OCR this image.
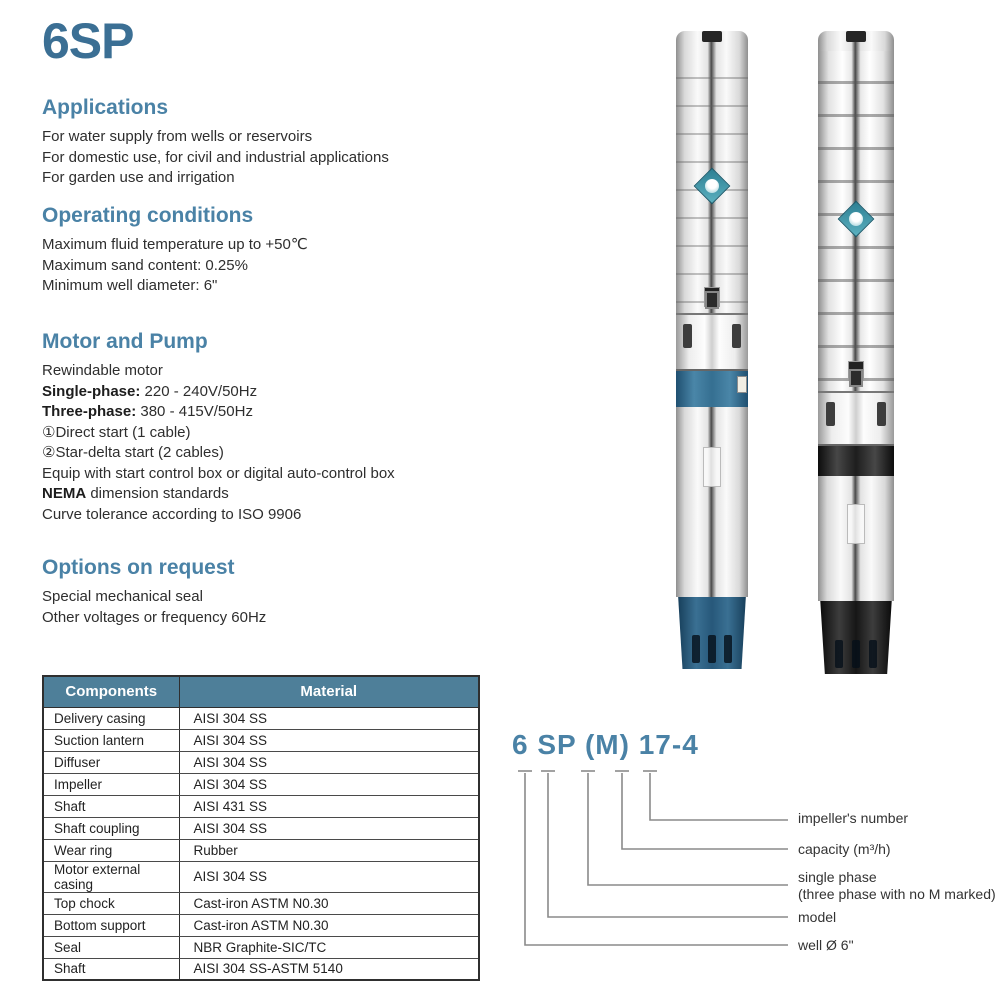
6SP
Applications
For water supply from wells or reservoirs
For domestic use, for civil and industrial applications
For garden use and irrigation
Operating conditions
Maximum fluid temperature up to +50℃
Maximum sand content: 0.25%
Minimum well diameter: 6"
Motor and Pump
Rewindable motor
Single-phase: 220 - 240V/50Hz
Three-phase: 380 - 415V/50Hz
①Direct start (1 cable)
②Star-delta start (2 cables)
Equip with start control box or digital auto-control box
NEMA dimension standards
Curve tolerance according to ISO 9906
Options on request
Special mechanical seal
Other voltages or frequency 60Hz
Components	Material
Delivery casing	AISI 304 SS
Suction lantern	AISI 304 SS
Diffuser	AISI 304 SS
Impeller	AISI 304 SS
Shaft	AISI 431 SS
Shaft coupling	AISI 304 SS
Wear ring	Rubber
Motor external casing	AISI 304 SS
Top chock	Cast-iron ASTM N0.30
Bottom support	Cast-iron ASTM N0.30
Seal	NBR Graphite-SIC/TC
Shaft	AISI 304 SS-ASTM 5140
6 SP (M) 17-4
impeller's number
capacity (m³/h)
single phase
(three phase with no M marked)
model
well Ø 6"
